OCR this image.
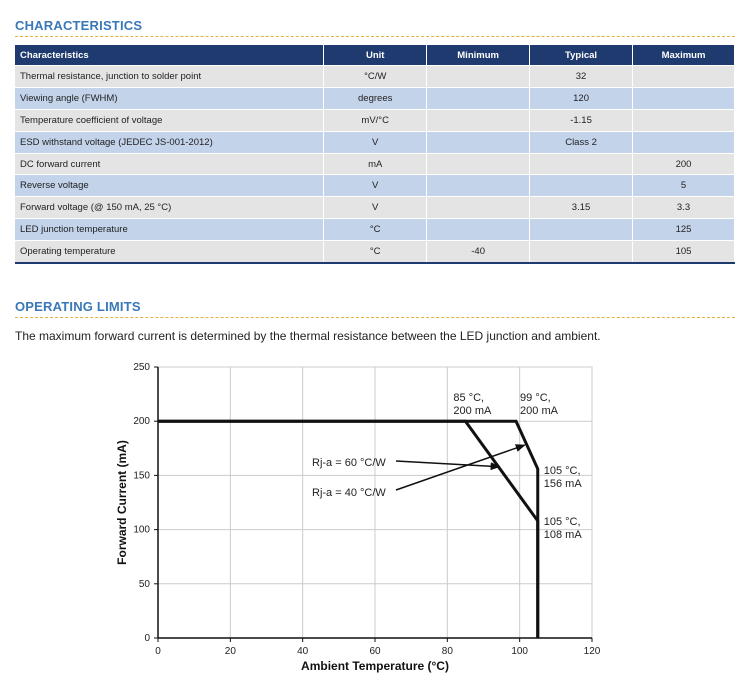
CHARACTERISTICS
Characteristics	Unit	Minimum	Typical	Maximum
Thermal resistance, junction to solder point	°C/W		32	
Viewing angle (FWHM)	degrees		120	
Temperature coefficient of voltage	mV/°C		-1.15	
ESD withstand voltage (JEDEC JS-001-2012)	V		Class 2	
DC forward current	mA			200
Reverse voltage	V			5
Forward voltage (@ 150 mA, 25 °C)	V		3.15	3.3
LED junction temperature	°C			125
Operating temperature	°C	-40		105
OPERATING LIMITS
The maximum forward current is determined by the thermal resistance between the LED junction and ambient.
0	20	40	60	80	100	120
0
50
100
150
200
250
Ambient Temperature (°C)
Forward Current (mA)	Rj-a = 60 °C/W
Rj-a = 40 °C/W
85 °C,
200 mA
99 °C,
200 mA
105 °C,
156 mA
105 °C,
108 mA
